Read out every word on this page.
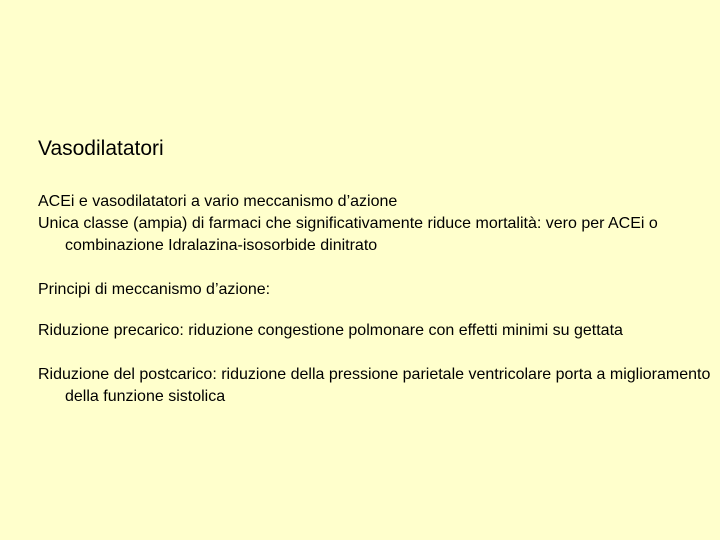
Vasodilatatori
ACEi e vasodilatatori a vario meccanismo d’azione
Unica classe (ampia) di farmaci che significativamente riduce mortalità: vero per ACEi o combinazione Idralazina-isosorbide dinitrato
Principi di meccanismo d’azione:
Riduzione precarico: riduzione congestione polmonare con effetti minimi su gettata
Riduzione del postcarico: riduzione della pressione parietale ventricolare porta a miglioramento della funzione sistolica
